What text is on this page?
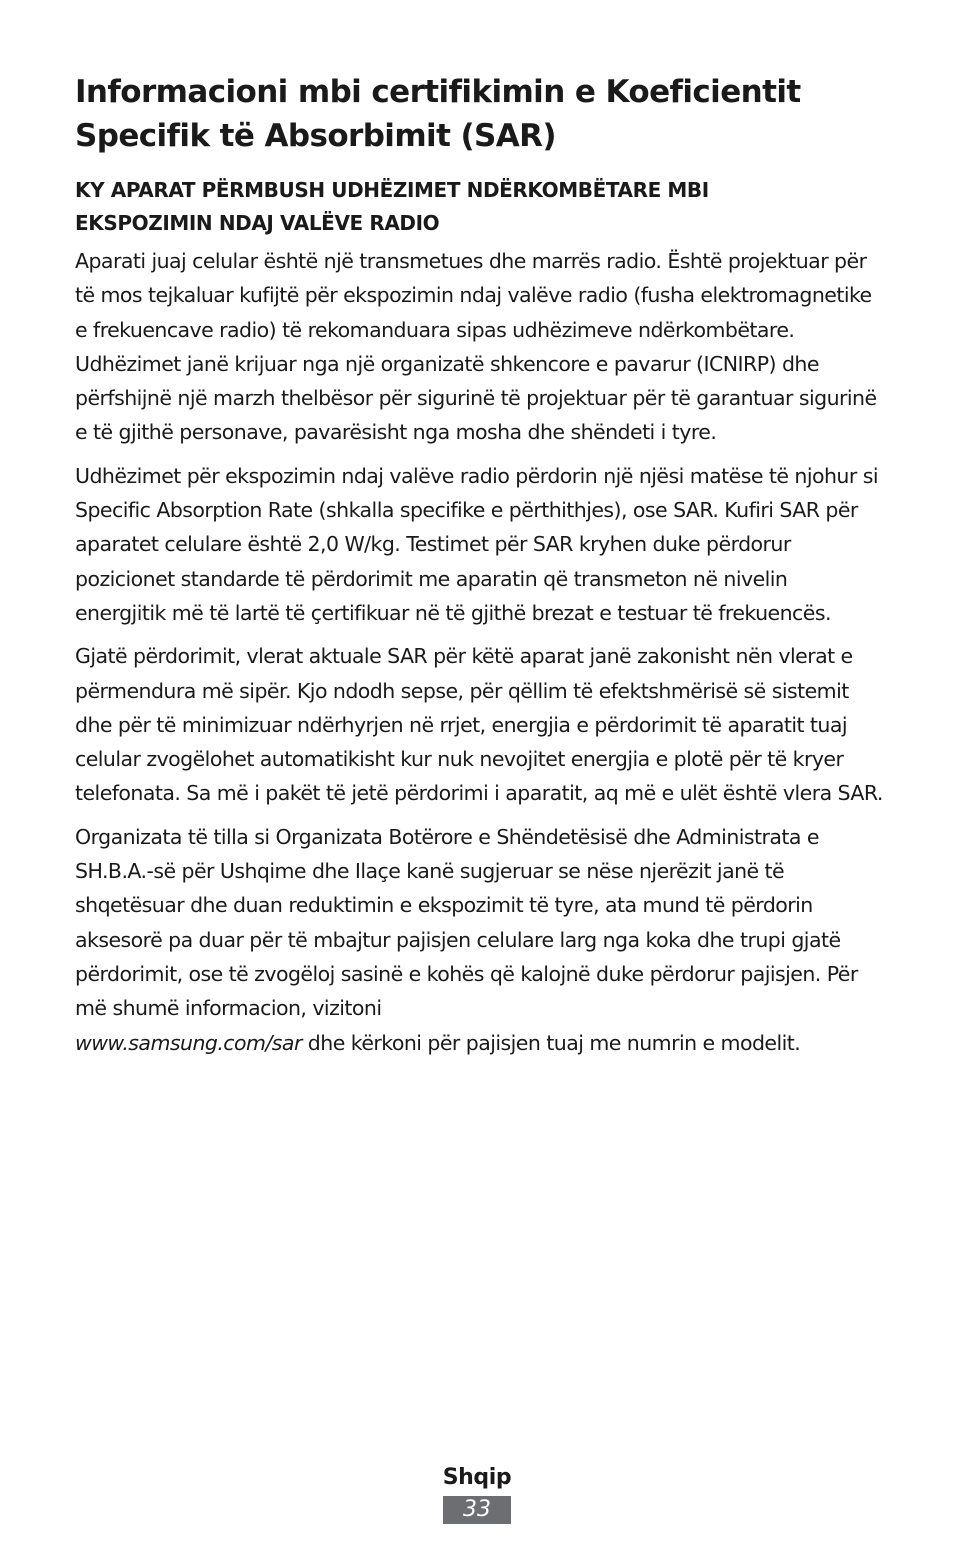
Informacioni mbi certifikimin e Koeficientit
Specifik të Absorbimit (SAR)
KY APARAT PËRMBUSH UDHËZIMET NDËRKOMBËTARE MBI
EKSPOZIMIN NDAJ VALËVE RADIO

Aparati juaj celular është një transmetues dhe marrës radio. Është projektuar për të mos tejkaluar kufijtë për ekspozimin ndaj valëve radio (fusha elektromagnetike e frekuencave radio) të rekomanduara sipas udhëzimeve ndërkombëtare. Udhëzimet janë krijuar nga një organizatë shkencore e pavarur (ICNIRP) dhe përfshijnë një marzh thelbësor për sigurinë të projektuar për të garantuar sigurinë e të gjithë personave, pavarësisht nga mosha dhe shëndeti i tyre.

Udhëzimet për ekspozimin ndaj valëve radio përdorin një njësi matëse të njohur si Specific Absorption Rate (shkalla specifike e përthithjes), ose SAR. Kufiri SAR për aparatet celulare është 2,0 W/kg. Testimet për SAR kryhen duke përdorur pozicionet standarde të përdorimit me aparatin që transmeton në nivelin energjitik më të lartë të çertifikuar në të gjithë brezat e testuar të frekuencës.

Gjatë përdorimit, vlerat aktuale SAR për këtë aparat janë zakonisht nën vlerat e përmendura më sipër. Kjo ndodh sepse, për qëllim të efektshmërisë së sistemit dhe për të minimizuar ndërhyrjen në rrjet, energjia e përdorimit të aparatit tuaj celular zvogëlohet automatikisht kur nuk nevojitet energjia e plotë për të kryer telefonata. Sa më i pakët të jetë përdorimi i aparatit, aq më e ulët është vlera SAR.

Organizata të tilla si Organizata Botërore e Shëndetësisë dhe Administrata e SH.B.A.-së për Ushqime dhe Ilaçe kanë sugjeruar se nëse njerëzit janë të shqetësuar dhe duan reduktimin e ekspozimit të tyre, ata mund të përdorin aksesorë pa duar për të mbajtur pajisjen celulare larg nga koka dhe trupi gjatë përdorimit, ose të zvogëloj sasinë e kohës që kalojnë duke përdorur pajisjen. Për më shumë informacion, vizitoni
www.samsung.com/sar dhe kërkoni për pajisjen tuaj me numrin e modelit.

Shqip
33
